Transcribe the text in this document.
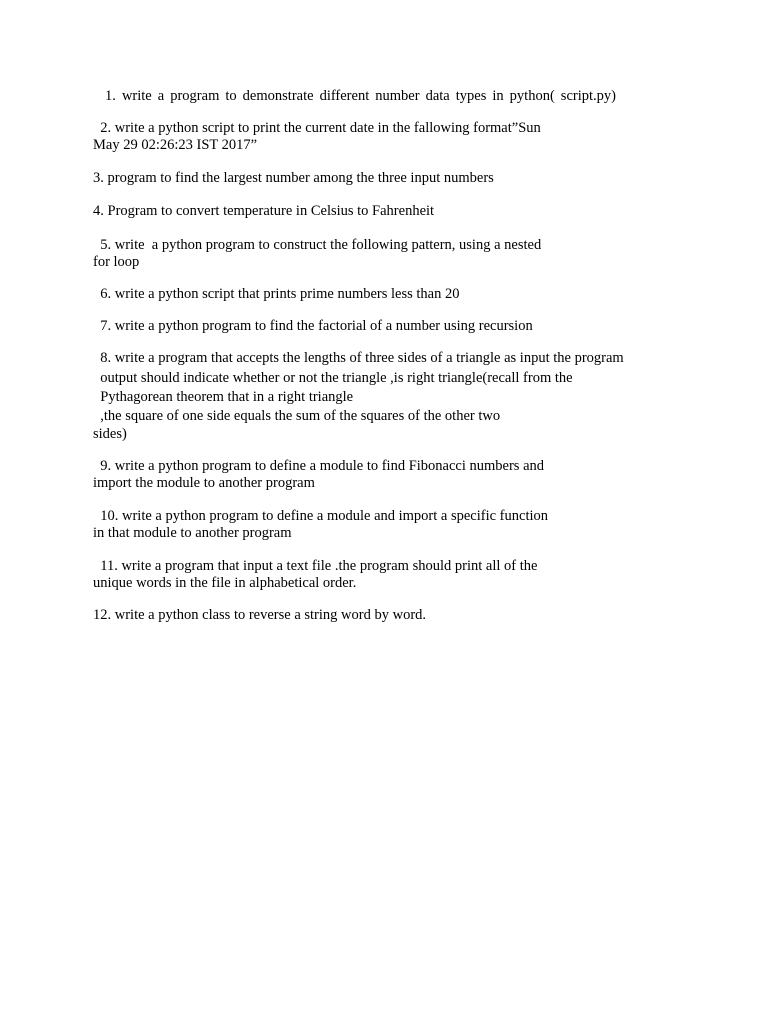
1. write a program to demonstrate different number data types in python( script.py)
2. write a python script to print the current date in the fallowing format”Sun
May 29 02:26:23 IST 2017”
3. program to find the largest number among the three input numbers
4. Program to convert temperature in Celsius to Fahrenheit
5. write  a python program to construct the following pattern, using a nested
for loop
6. write a python script that prints prime numbers less than 20
7. write a python program to find the factorial of a number using recursion
8. write a program that accepts the lengths of three sides of a triangle as input the program
output should indicate whether or not the triangle ,is right triangle(recall from the
Pythagorean theorem that in a right triangle
,the square of one side equals the sum of the squares of the other two
sides)
9. write a python program to define a module to find Fibonacci numbers and
import the module to another program
10. write a python program to define a module and import a specific function
in that module to another program
11. write a program that input a text file .the program should print all of the
unique words in the file in alphabetical order.
12. write a python class to reverse a string word by word.
